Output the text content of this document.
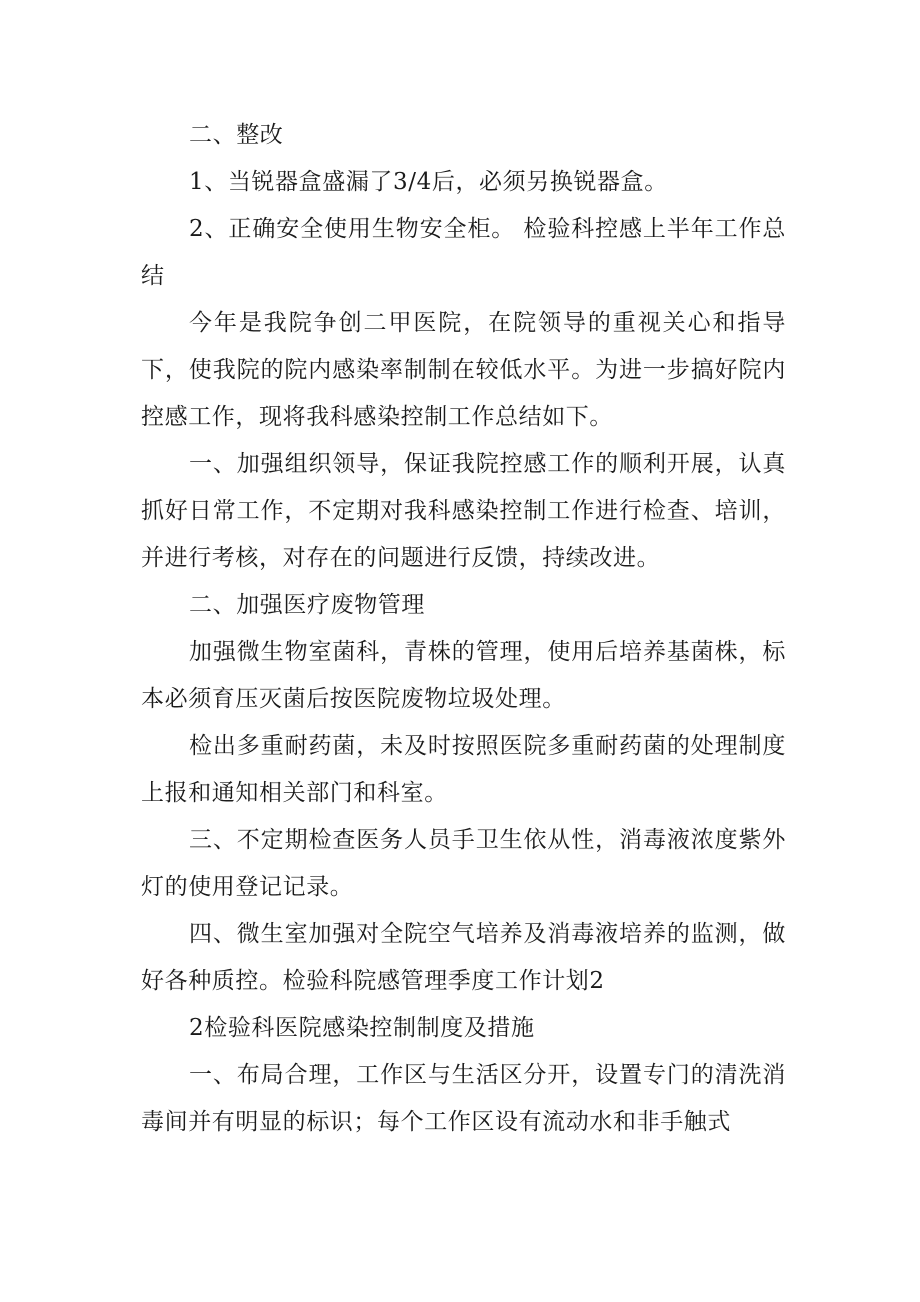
二、整改

1、当锐器盒盛漏了3/4后，必须另换锐器盒。

2、正确安全使用生物安全柜。 检验科控感上半年工作总结

今年是我院争创二甲医院，在院领导的重视关心和指导下，使我院的院内感染率制制在较低水平。为进一步搞好院内控感工作，现将我科感染控制工作总结如下。

一、加强组织领导，保证我院控感工作的顺利开展，认真抓好日常工作，不定期对我科感染控制工作进行检查、培训，并进行考核，对存在的问题进行反馈，持续改进。

二、加强医疗废物管理

加强微生物室菌科，青株的管理，使用后培养基菌株，标本必须育压灭菌后按医院废物垃圾处理。

检出多重耐药菌，未及时按照医院多重耐药菌的处理制度上报和通知相关部门和科室。

三、不定期检查医务人员手卫生依从性，消毒液浓度紫外灯的使用登记记录。

四、微生室加强对全院空气培养及消毒液培养的监测，做好各种质控。检验科院感管理季度工作计划2

2检验科医院感染控制制度及措施

一、布局合理，工作区与生活区分开，设置专门的清洗消毒间并有明显的标识；每个工作区设有流动水和非手触式
